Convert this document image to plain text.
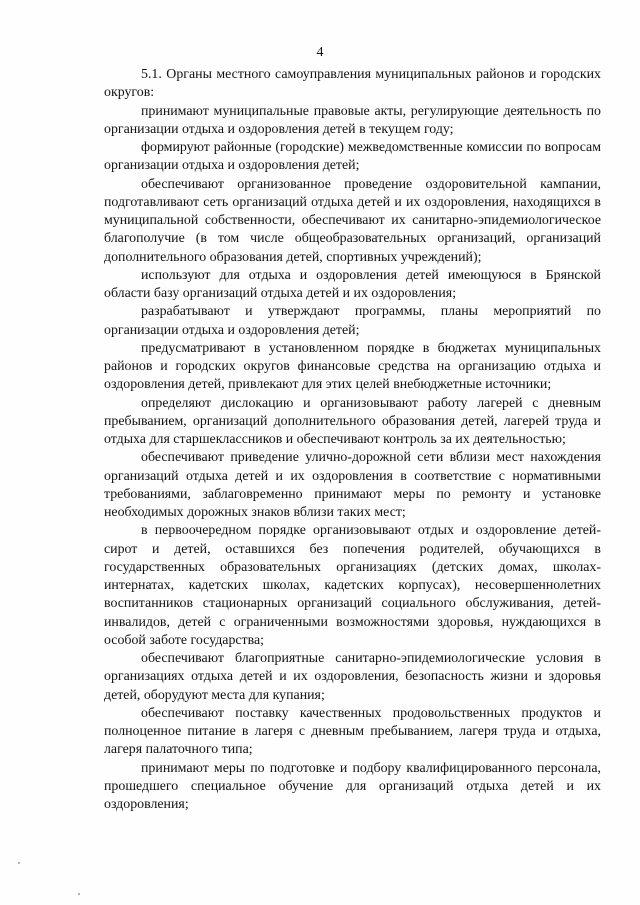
4

5.1. Органы местного самоуправления муниципальных районов и городских округов:

принимают муниципальные правовые акты, регулирующие деятельность по организации отдыха и оздоровления детей в текущем году;

формируют районные (городские) межведомственные комиссии по вопросам организации отдыха и оздоровления детей;

обеспечивают организованное проведение оздоровительной кампании, подготавливают сеть организаций отдыха детей и их оздоровления, находящихся в муниципальной собственности, обеспечивают их санитарно-эпидемиологическое благополучие (в том числе общеобразовательных организаций, организаций дополнительного образования детей, спортивных учреждений);

используют для отдыха и оздоровления детей имеющуюся в Брянской области базу организаций отдыха детей и их оздоровления;

разрабатывают и утверждают программы, планы мероприятий по организации отдыха и оздоровления детей;

предусматривают в установленном порядке в бюджетах муниципальных районов и городских округов финансовые средства на организацию отдыха и оздоровления детей, привлекают для этих целей внебюджетные источники;

определяют дислокацию и организовывают работу лагерей с дневным пребыванием, организаций дополнительного образования детей, лагерей труда и отдыха для старшеклассников и обеспечивают контроль за их деятельностью;

обеспечивают приведение улично-дорожной сети вблизи мест нахождения организаций отдыха детей и их оздоровления в соответствие с нормативными требованиями, заблаговременно принимают меры по ремонту и установке необходимых дорожных знаков вблизи таких мест;

в первоочередном порядке организовывают отдых и оздоровление детей-сирот и детей, оставшихся без попечения родителей, обучающихся в государственных образовательных организациях (детских домах, школах-интернатах, кадетских школах, кадетских корпусах), несовершеннолетних воспитанников стационарных организаций социального обслуживания, детей-инвалидов, детей с ограниченными возможностями здоровья, нуждающихся в особой заботе государства;

обеспечивают благоприятные санитарно-эпидемиологические условия в организациях отдыха детей и их оздоровления, безопасность жизни и здоровья детей, оборудуют места для купания;

обеспечивают поставку качественных продовольственных продуктов и полноценное питание в лагеря с дневным пребыванием, лагеря труда и отдыха, лагеря палаточного типа;

принимают меры по подготовке и подбору квалифицированного персонала, прошедшего специальное обучение для организаций отдыха детей и их оздоровления;
